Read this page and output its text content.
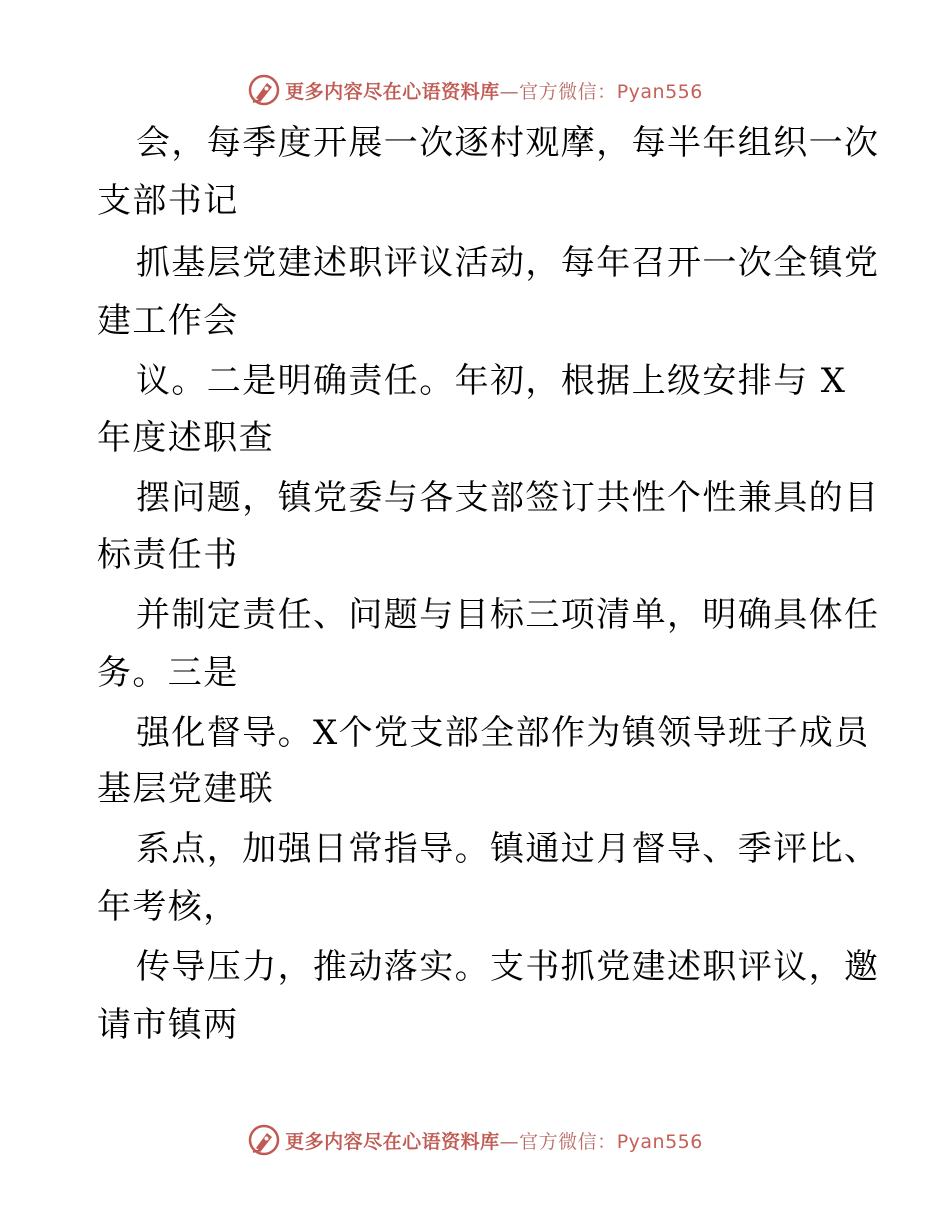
更多内容尽在心语资料库—官方微信：Pyan556
会，每季度开展一次逐村观摩，每半年组织一次
支部书记
抓基层党建述职评议活动，每年召开一次全镇党
建工作会
议。二是明确责任。年初，根据上级安排与 X
年度述职查
摆问题，镇党委与各支部签订共性个性兼具的目
标责任书
并制定责任、问题与目标三项清单，明确具体任
务。三是
强化督导。X个党支部全部作为镇领导班子成员
基层党建联
系点，加强日常指导。镇通过月督导、季评比、
年考核，
传导压力，推动落实。支书抓党建述职评议，邀
请市镇两
更多内容尽在心语资料库—官方微信：Pyan556
